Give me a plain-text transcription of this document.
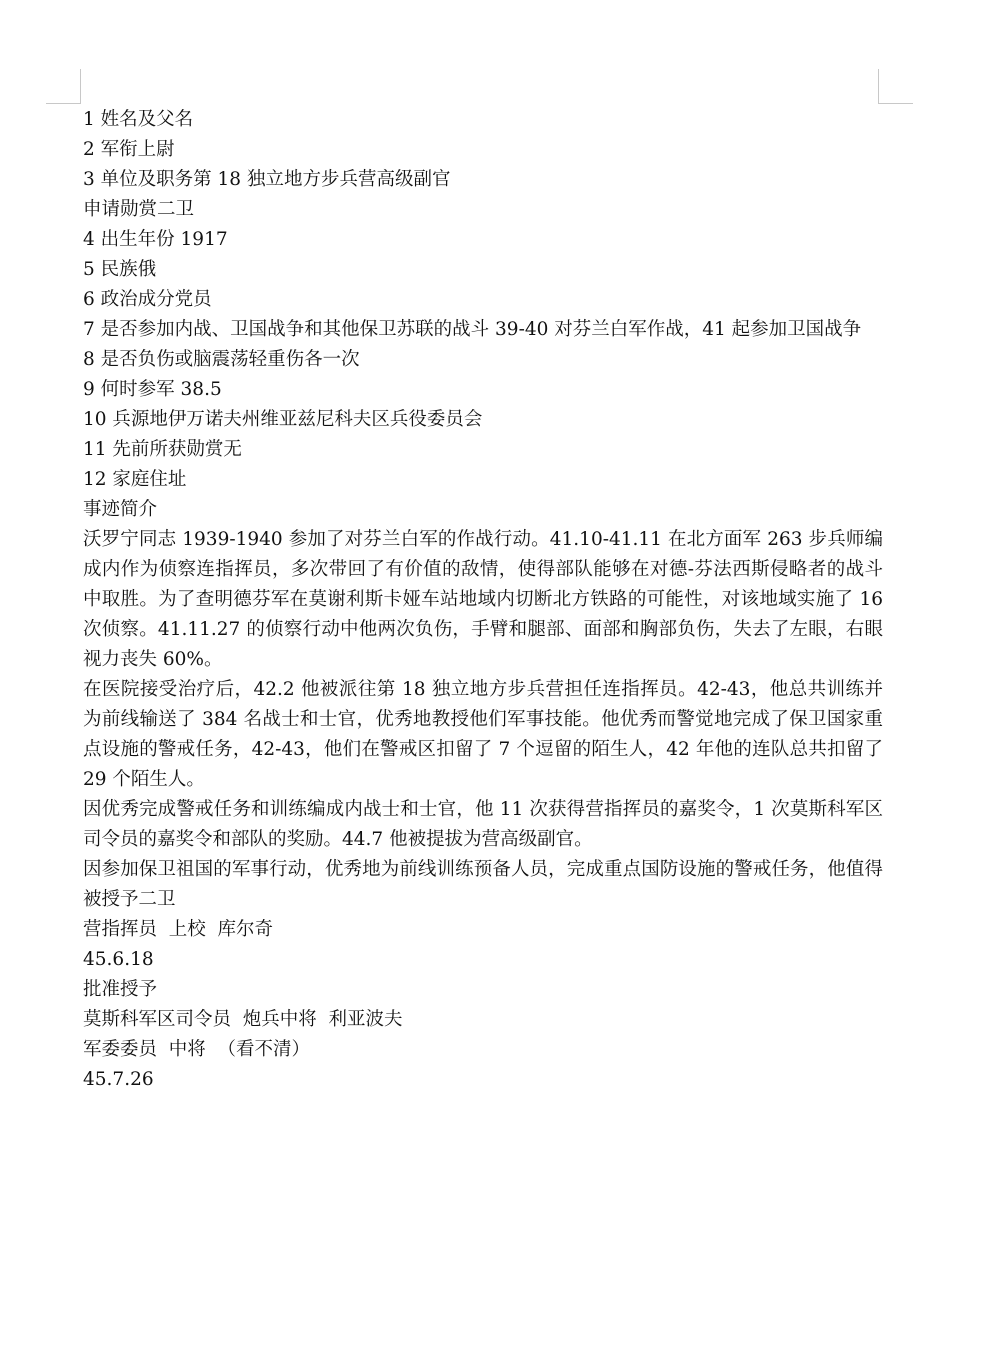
1 姓名及父名

2 军衔上尉

3 单位及职务第 18 独立地方步兵营高级副官

申请勋赏二卫

4 出生年份 1917

5 民族俄

6 政治成分党员

7 是否参加内战、卫国战争和其他保卫苏联的战斗 39-40 对芬兰白军作战，41 起参加卫国战争

8 是否负伤或脑震荡轻重伤各一次

9 何时参军 38.5

10 兵源地伊万诺夫州维亚兹尼科夫区兵役委员会

11 先前所获勋赏无

12 家庭住址

事迹简介

沃罗宁同志 1939-1940 参加了对芬兰白军的作战行动。41.10-41.11 在北方面军 263 步兵师编成内作为侦察连指挥员，多次带回了有价值的敌情，使得部队能够在对德-芬法西斯侵略者的战斗中取胜。为了查明德芬军在莫谢利斯卡娅车站地域内切断北方铁路的可能性，对该地域实施了 16 次侦察。41.11.27 的侦察行动中他两次负伤，手臂和腿部、面部和胸部负伤，失去了左眼，右眼视力丧失 60%。

在医院接受治疗后，42.2 他被派往第 18 独立地方步兵营担任连指挥员。42-43，他总共训练并为前线输送了 384 名战士和士官，优秀地教授他们军事技能。他优秀而警觉地完成了保卫国家重点设施的警戒任务，42-43，他们在警戒区扣留了 7 个逗留的陌生人，42 年他的连队总共扣留了 29 个陌生人。

因优秀完成警戒任务和训练编成内战士和士官，他 11 次获得营指挥员的嘉奖令，1 次莫斯科军区司令员的嘉奖令和部队的奖励。44.7 他被提拔为营高级副官。

因参加保卫祖国的军事行动，优秀地为前线训练预备人员，完成重点国防设施的警戒任务，他值得被授予二卫

营指挥员  上校  库尔奇

45.6.18

批准授予

莫斯科军区司令员  炮兵中将  利亚波夫

军委委员  中将  （看不清）

45.7.26
